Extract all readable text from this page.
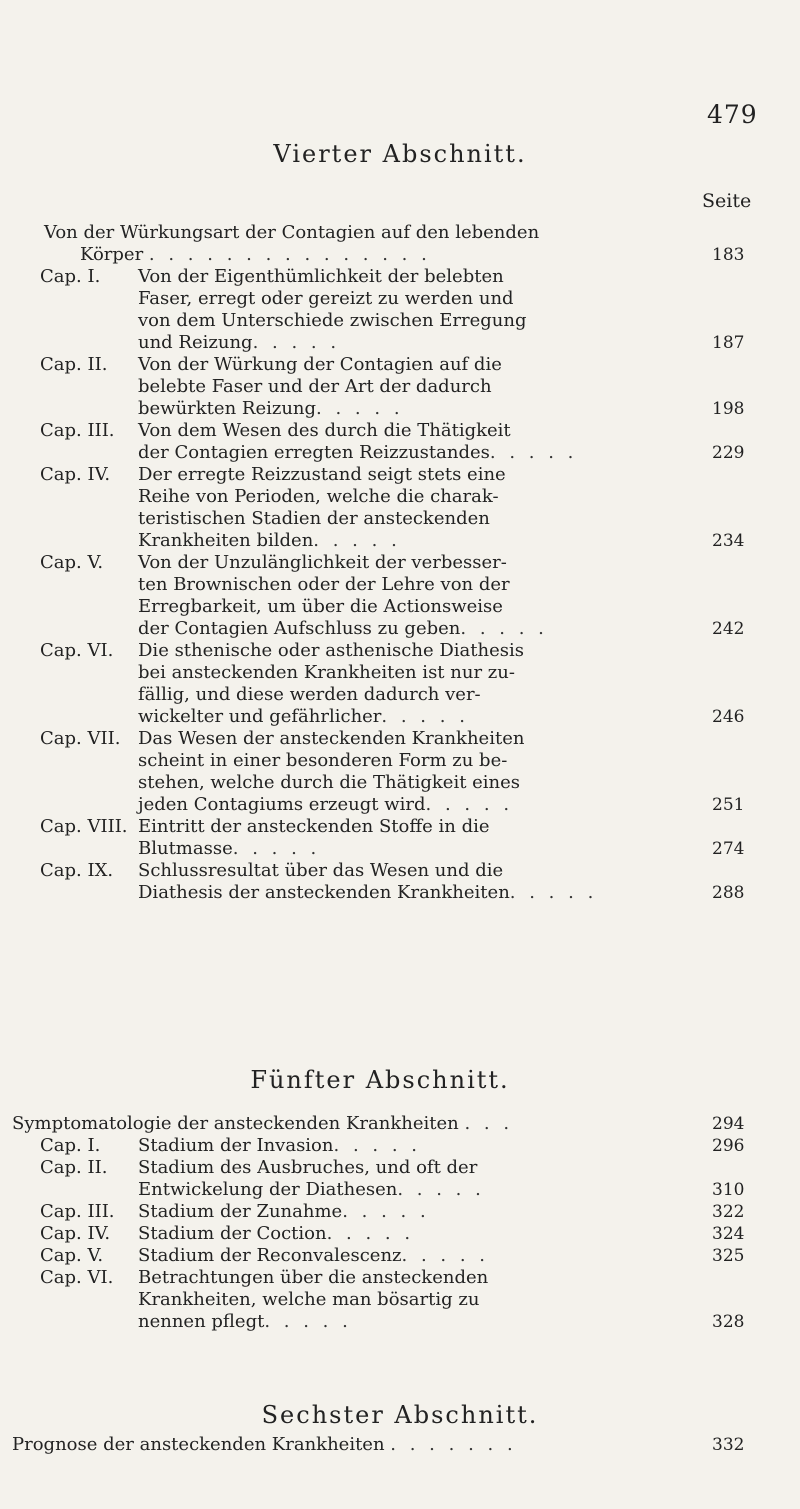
479
Vierter Abschnitt.
Seite
Von der Würkungsart der Contagien auf den lebenden
Körper . . . . . . . . . . . . . . .	183
Cap. I. Von der Eigenthümlichkeit der belebten
Faser, erregt oder gereizt zu werden und
von dem Unterschiede zwischen Erregung
und Reizung. . . . .	187
Cap. II. Von der Würkung der Contagien auf die
belebte Faser und der Art der dadurch
bewürkten Reizung. . . . .	198
Cap. III. Von dem Wesen des durch die Thätigkeit
der Contagien erregten Reizzustandes. . . . .	229
Cap. IV. Der erregte Reizzustand seigt stets eine
Reihe von Perioden, welche die charak-
teristischen Stadien der ansteckenden
Krankheiten bilden. . . . .	234
Cap. V. Von der Unzulänglichkeit der verbesser-
ten Brownischen oder der Lehre von der
Erregbarkeit, um über die Actionsweise
der Contagien Aufschluss zu geben. . . . .	242
Cap. VI. Die sthenische oder asthenische Diathesis
bei ansteckenden Krankheiten ist nur zu-
fällig, und diese werden dadurch ver-
wickelter und gefährlicher. . . . .	246
Cap. VII. Das Wesen der ansteckenden Krankheiten
scheint in einer besonderen Form zu be-
stehen, welche durch die Thätigkeit eines
jeden Contagiums erzeugt wird. . . . .	251
Cap. VIII. Eintritt der ansteckenden Stoffe in die
Blutmasse. . . . .	274
Cap. IX. Schlussresultat über das Wesen und die
Diathesis der ansteckenden Krankheiten. . . . .	288
Fünfter Abschnitt.
Symptomatologie der ansteckenden Krankheiten . . .	294
Cap. I. Stadium der Invasion. . . . .	296
Cap. II. Stadium des Ausbruches, und oft der
Entwickelung der Diathesen. . . . .	310
Cap. III. Stadium der Zunahme. . . . .	322
Cap. IV. Stadium der Coction. . . . .	324
Cap. V. Stadium der Reconvalescenz. . . . .	325
Cap. VI. Betrachtungen über die ansteckenden
Krankheiten, welche man bösartig zu
nennen pflegt. . . . .	328
Sechster Abschnitt.
Prognose der ansteckenden Krankheiten . . . . . . .	332
